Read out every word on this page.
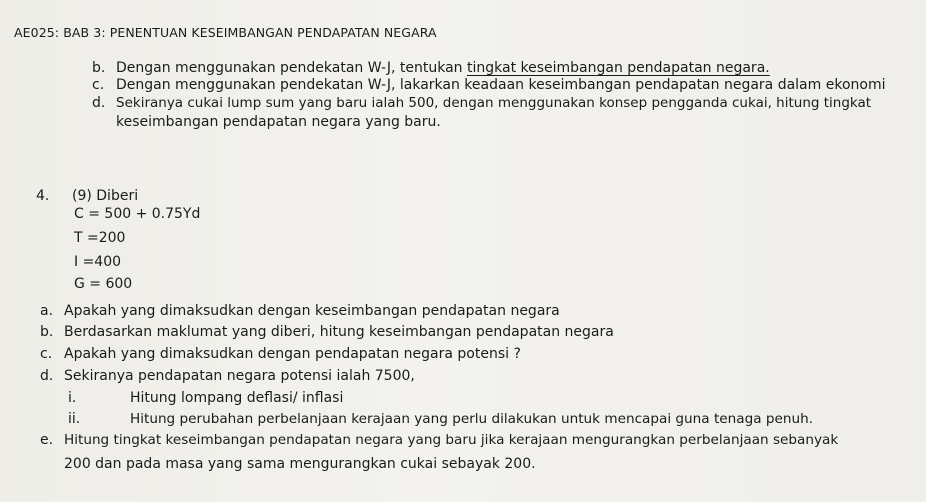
AE025: BAB 3: PENENTUAN KESEIMBANGAN PENDAPATAN NEGARA
b. Dengan menggunakan pendekatan W-J, tentukan tingkat keseimbangan pendapatan negara.
c. Dengan menggunakan pendekatan W-J, lakarkan keadaan keseimbangan pendapatan negara dalam ekonomi
d. Sekiranya cukai lump sum yang baru ialah 500, dengan menggunakan konsep pengganda cukai, hitung tingkat
keseimbangan pendapatan negara yang baru.
4. (9) Diberi
C = 500 + 0.75Yd
T =200
I =400
G = 600
a. Apakah yang dimaksudkan dengan keseimbangan pendapatan negara
b. Berdasarkan maklumat yang diberi, hitung keseimbangan pendapatan negara
c. Apakah yang dimaksudkan dengan pendapatan negara potensi ?
d. Sekiranya pendapatan negara potensi ialah 7500,
i.	Hitung lompang deflasi/ inflasi
ii.	Hitung perubahan perbelanjaan kerajaan yang perlu dilakukan untuk mencapai guna tenaga penuh.
e. Hitung tingkat keseimbangan pendapatan negara yang baru jika kerajaan mengurangkan perbelanjaan sebanyak
200 dan pada masa yang sama mengurangkan cukai sebayak 200.
